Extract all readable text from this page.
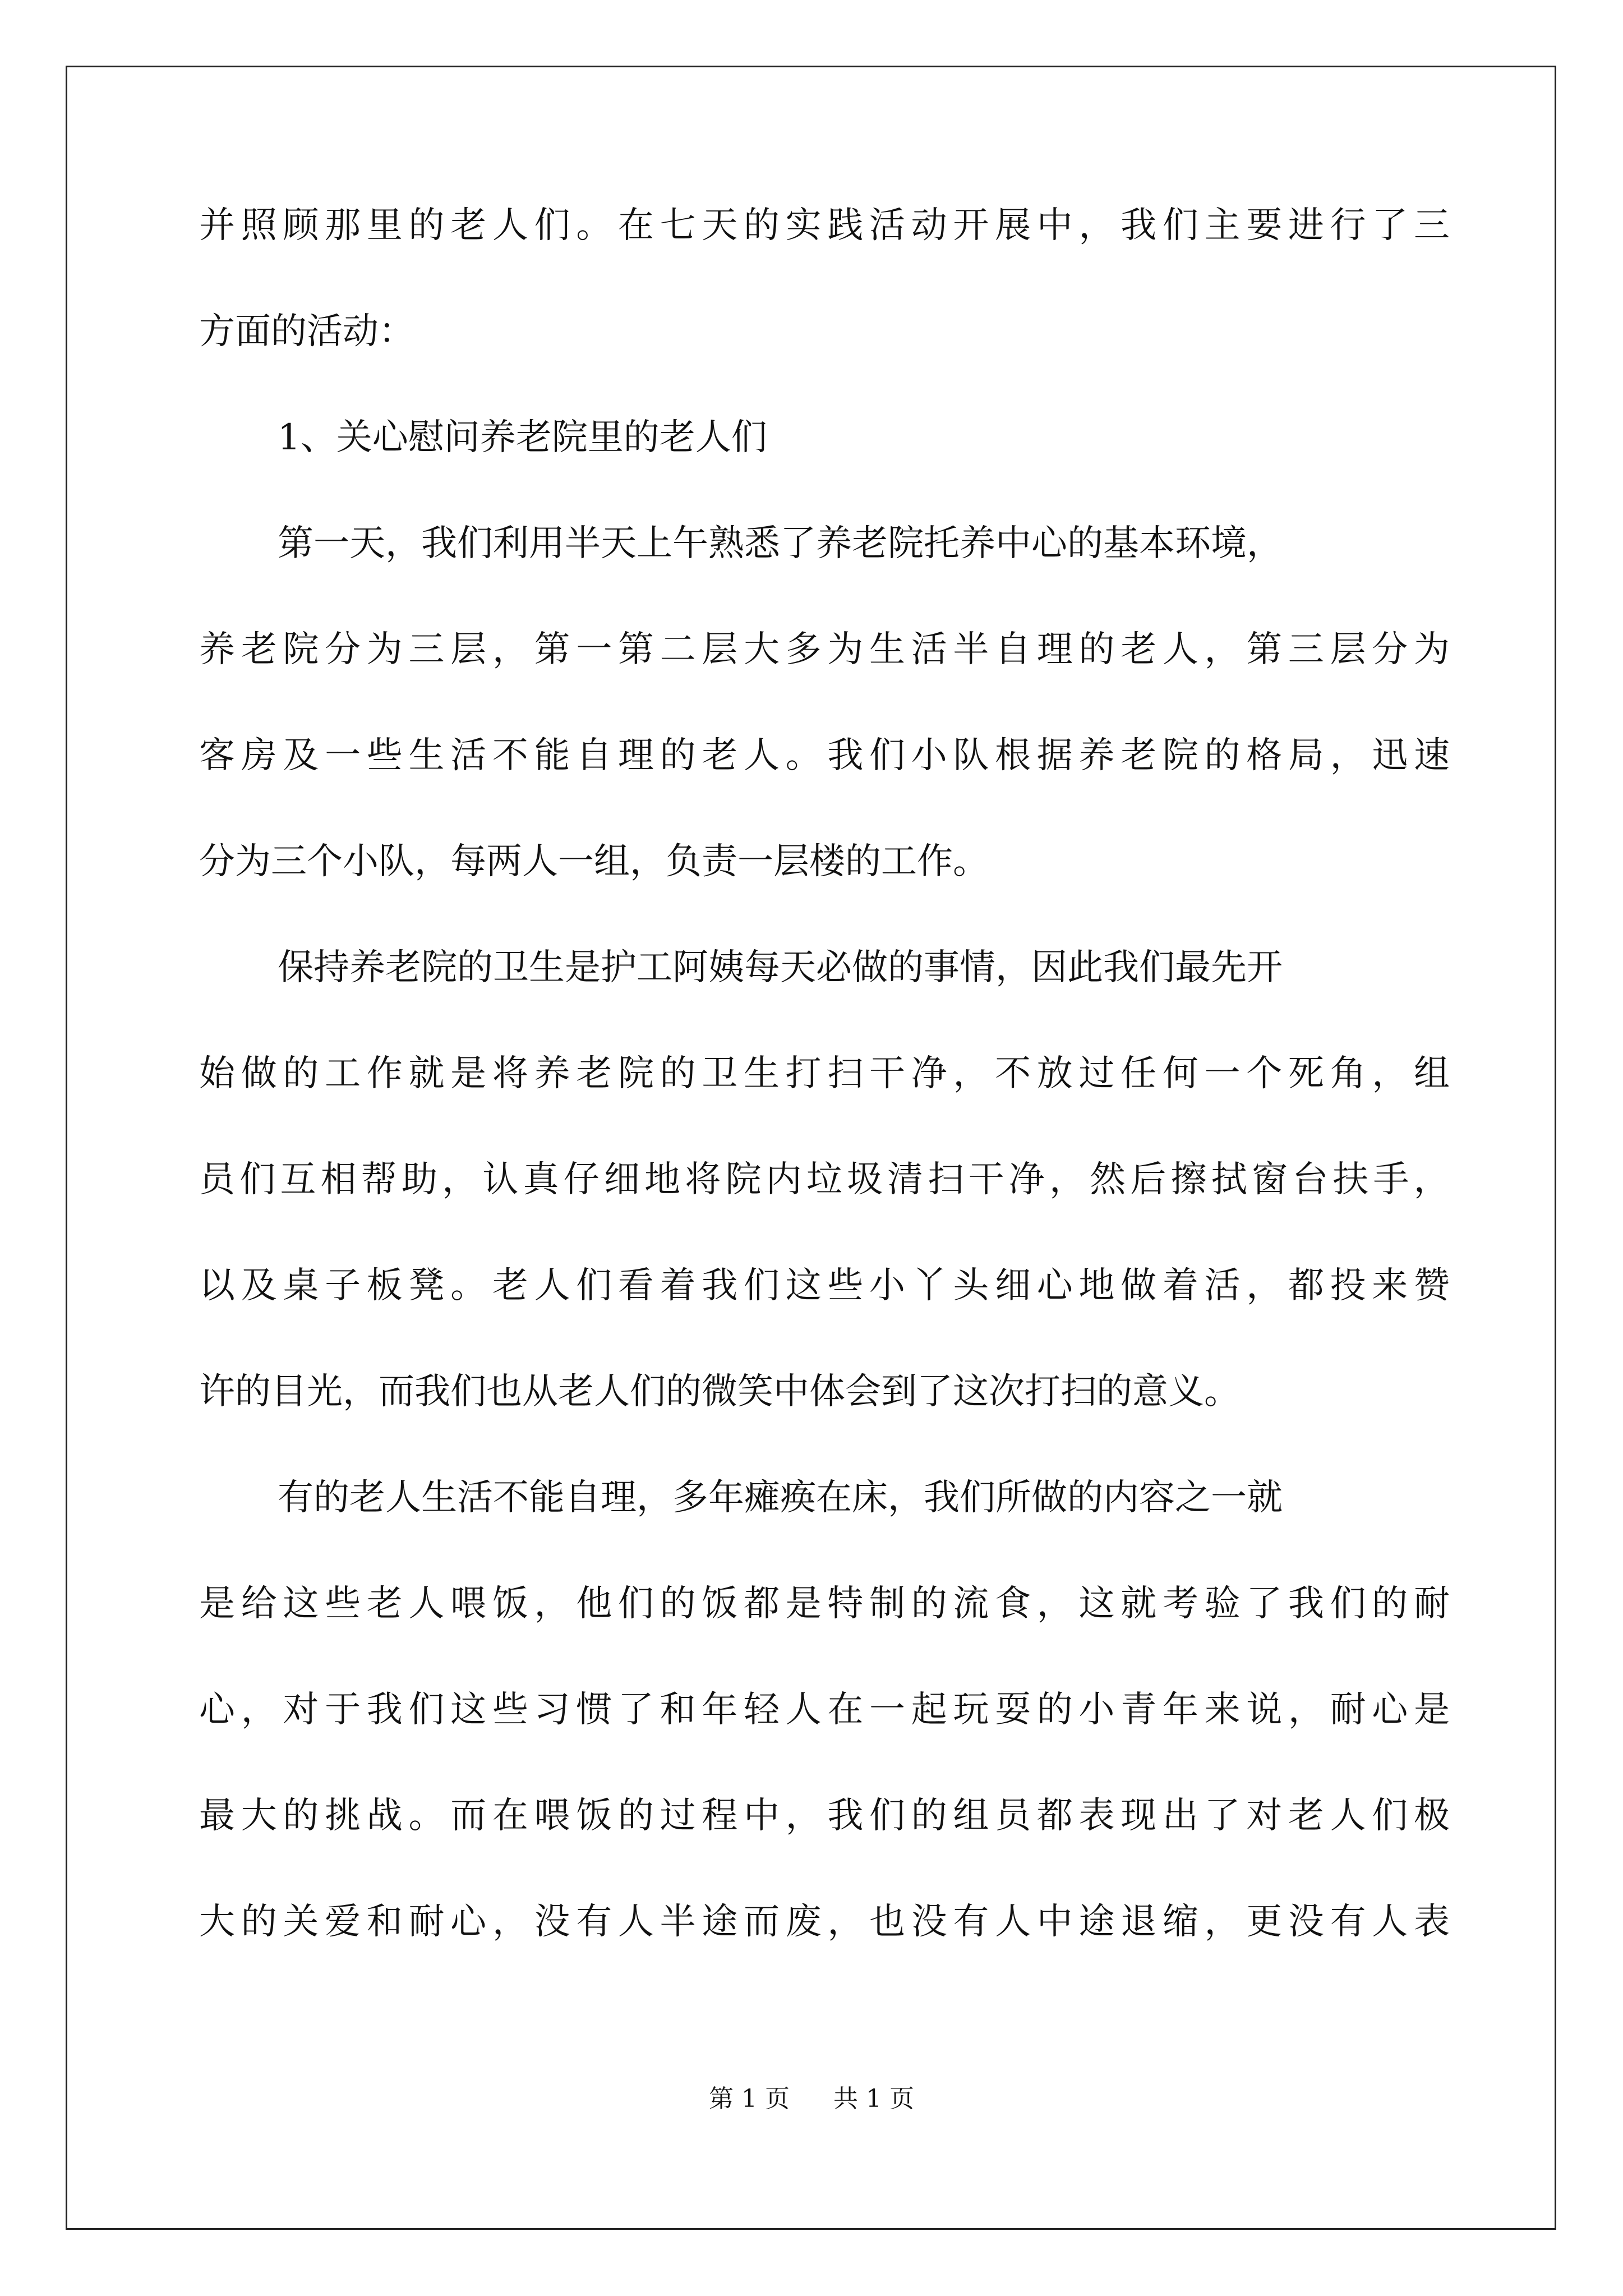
并 照 顾 那 里 的 老 人 们 。 在 七 天 的 实 践 活 动 开 展 中 ， 我 们 主 要 进 行 了 三
方面的活动：
1、关心慰问养老院里的老人们
第一天，我们利用半天上午熟悉了养老院托养中心的基本环境，
养 老 院 分 为 三 层 ， 第 一 第 二 层 大 多 为 生 活 半 自 理 的 老 人 ， 第 三 层 分 为
客 房 及 一 些 生 活 不 能 自 理 的 老 人 。 我 们 小 队 根 据 养 老 院 的 格 局 ， 迅 速
分为三个小队，每两人一组，负责一层楼的工作。
保持养老院的卫生是护工阿姨每天必做的事情，因此我们最先开
始 做 的 工 作 就 是 将 养 老 院 的 卫 生 打 扫 干 净 ， 不 放 过 任 何 一 个 死 角 ， 组
员 们 互 相 帮 助 ， 认 真 仔 细 地 将 院 内 垃 圾 清 扫 干 净 ， 然 后 擦 拭 窗 台 扶 手 ，
以 及 桌 子 板 凳 。 老 人 们 看 着 我 们 这 些 小 丫 头 细 心 地 做 着 活 ， 都 投 来 赞
许的目光，而我们也从老人们的微笑中体会到了这次打扫的意义。
有的老人生活不能自理，多年瘫痪在床，我们所做的内容之一就
是 给 这 些 老 人 喂 饭 ， 他 们 的 饭 都 是 特 制 的 流 食 ， 这 就 考 验 了 我 们 的 耐
心 ， 对 于 我 们 这 些 习 惯 了 和 年 轻 人 在 一 起 玩 耍 的 小 青 年 来 说 ， 耐 心 是
最 大 的 挑 战 。 而 在 喂 饭 的 过 程 中 ， 我 们 的 组 员 都 表 现 出 了 对 老 人 们 极
大 的 关 爱 和 耐 心 ， 没 有 人 半 途 而 废 ， 也 没 有 人 中 途 退 缩 ， 更 没 有 人 表
第 1 页 共 1 页
